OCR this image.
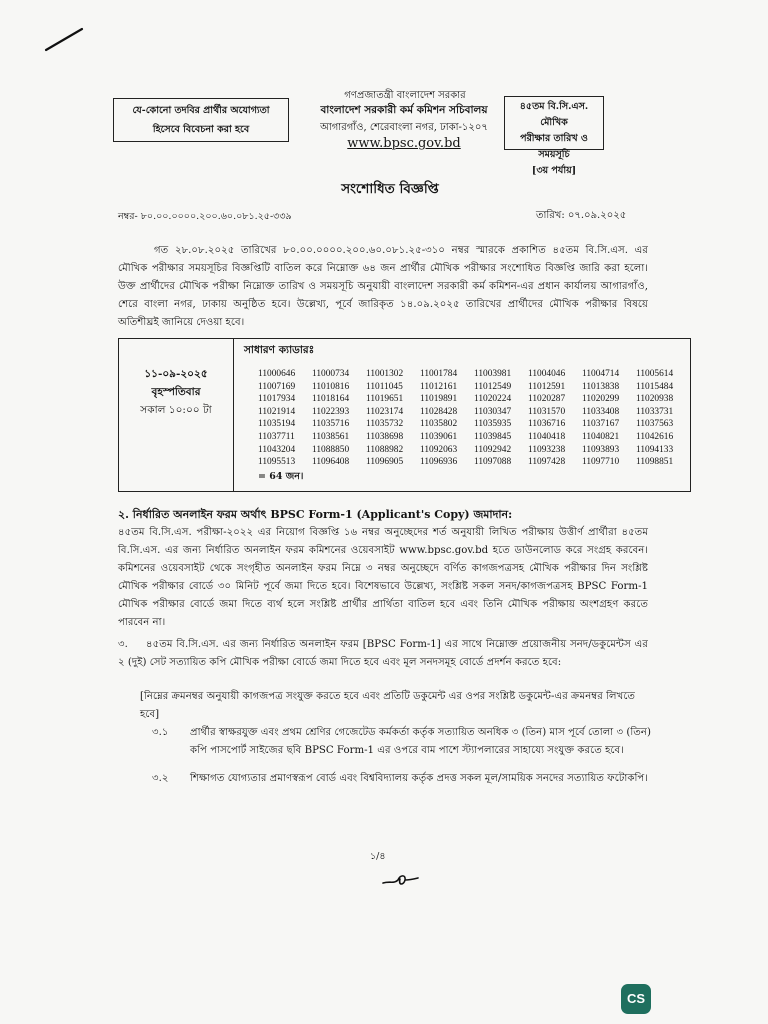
গণপ্রজাতন্ত্রী বাংলাদেশ সরকার
যে-কোনো তদবির প্রার্থীর অযোগ্যতা
হিসেবে বিবেচনা করা হবে
বাংলাদেশ সরকারী কর্ম কমিশন সচিবালয়
আগারগাঁও, শেরেবাংলা নগর, ঢাকা-১২০৭
www.bpsc.gov.bd
৪৫তম বি.সি.এস. মৌখিক
পরীক্ষার তারিখ ও সময়সূচি
[৩য় পর্যায়]
সংশোধিত বিজ্ঞপ্তি
নম্বর- ৮০.০০.০০০০.২০০.৬০.০৮১.২৫-৩৩৯	তারিখ: ০৭.০৯.২০২৫
গত ২৮.০৮.২০২৫ তারিখের ৮০.০০.০০০০.২০০.৬০.০৮১.২৫-৩১০ নম্বর স্মারকে প্রকাশিত ৪৫তম বি.সি.এস. এর মৌখিক পরীক্ষার সময়সূচির বিজ্ঞপ্তিটি বাতিল করে নিম্নোক্ত ৬৪ জন প্রার্থীর মৌখিক পরীক্ষার সংশোধিত বিজ্ঞপ্তি জারি করা হলো। উক্ত প্রার্থীদের মৌখিক পরীক্ষা নিম্নোক্ত তারিখ ও সময়সূচি অনুযায়ী বাংলাদেশ সরকারী কর্ম কমিশন-এর প্রধান কার্যালয় আগারগাঁও, শেরে বাংলা নগর, ঢাকায় অনুষ্ঠিত হবে। উল্লেখ্য, পূর্বে জারিকৃত ১৪.০৯.২০২৫ তারিখের প্রার্থীদের মৌখিক পরীক্ষার বিষয়ে অতিশীঘ্রই জানিয়ে দেওয়া হবে।
১১-০৯-২০২৫
বৃহস্পতিবার
সকাল ১০:০০ টা

সাধারণ ক্যাডারঃ
11000646	11000734	11001302	11001784	11003981	11004046	11004714	11005614
11007169	11010816	11011045	11012161	11012549	11012591	11013838	11015484
11017934	11018164	11019651	11019891	11020224	11020287	11020299	11020938
11021914	11022393	11023174	11028428	11030347	11031570	11033408	11033731
11035194	11035716	11035732	11035802	11035935	11036716	11037167	11037563
11037711	11038561	11038698	11039061	11039845	11040418	11040821	11042616
11043204	11088850	11088982	11092063	11092942	11093238	11093893	11094133
11095513	11096408	11096905	11096936	11097088	11097428	11097710	11098851
= 64 জন।
২. নির্ধারিত অনলাইন ফরম অর্থাৎ BPSC Form-1 (Applicant's Copy) জমাদান:
৪৫তম বি.সি.এস. পরীক্ষা-২০২২ এর নিয়োগ বিজ্ঞপ্তি ১৬ নম্বর অনুচ্ছেদের শর্ত অনুযায়ী লিখিত পরীক্ষায় উত্তীর্ণ প্রার্থীরা ৪৫তম বি.সি.এস. এর জন্য নির্ধারিত অনলাইন ফরম কমিশনের ওয়েবসাইট www.bpsc.gov.bd হতে ডাউনলোড করে সংগ্রহ করবেন। কমিশনের ওয়েবসাইট থেকে সংগৃহীত অনলাইন ফরম নিম্নে ৩ নম্বর অনুচ্ছেদে বর্ণিত কাগজপত্রসহ মৌখিক পরীক্ষার দিন সংশ্লিষ্ট মৌখিক পরীক্ষার বোর্ডে ৩০ মিনিট পূর্বে জমা দিতে হবে। বিশেষভাবে উল্লেখ্য, সংশ্লিষ্ট সকল সনদ/কাগজপত্রসহ BPSC Form-1 মৌখিক পরীক্ষার বোর্ডে জমা দিতে ব্যর্থ হলে সংশ্লিষ্ট প্রার্থীর প্রার্থিতা বাতিল হবে এবং তিনি মৌখিক পরীক্ষায় অংশগ্রহণ করতে পারবেন না।
৩. ৪৫তম বি.সি.এস. এর জন্য নির্ধারিত অনলাইন ফরম [BPSC Form-1] এর সাথে নিম্নোক্ত প্রয়োজনীয় সনদ/ডকুমেন্টস এর ২ (দুই) সেট সত্যায়িত কপি মৌখিক পরীক্ষা বোর্ডে জমা দিতে হবে এবং মূল সনদসমূহ বোর্ডে প্রদর্শন করতে হবে:
[নিম্নের ক্রমনম্বর অনুযায়ী কাগজপত্র সংযুক্ত করতে হবে এবং প্রতিটি ডকুমেন্ট এর ওপর সংশ্লিষ্ট ডকুমেন্ট-এর ক্রমনম্বর লিখতে হবে]
৩.১ প্রার্থীর স্বাক্ষরযুক্ত এবং প্রথম শ্রেণির গেজেটেড কর্মকর্তা কর্তৃক সত্যায়িত অনধিক ৩ (তিন) মাস পূর্বে তোলা ৩ (তিন) কপি পাসপোর্ট সাইজের ছবি BPSC Form-1 এর ওপরে বাম পাশে স্ট্যাপলারের সাহায্যে সংযুক্ত করতে হবে।
৩.২ শিক্ষাগত যোগ্যতার প্রমাণস্বরূপ বোর্ড এবং বিশ্ববিদ্যালয় কর্তৃক প্রদত্ত সকল মূল/সাময়িক সনদের সত্যায়িত ফটোকপি।
১/৪
CS
